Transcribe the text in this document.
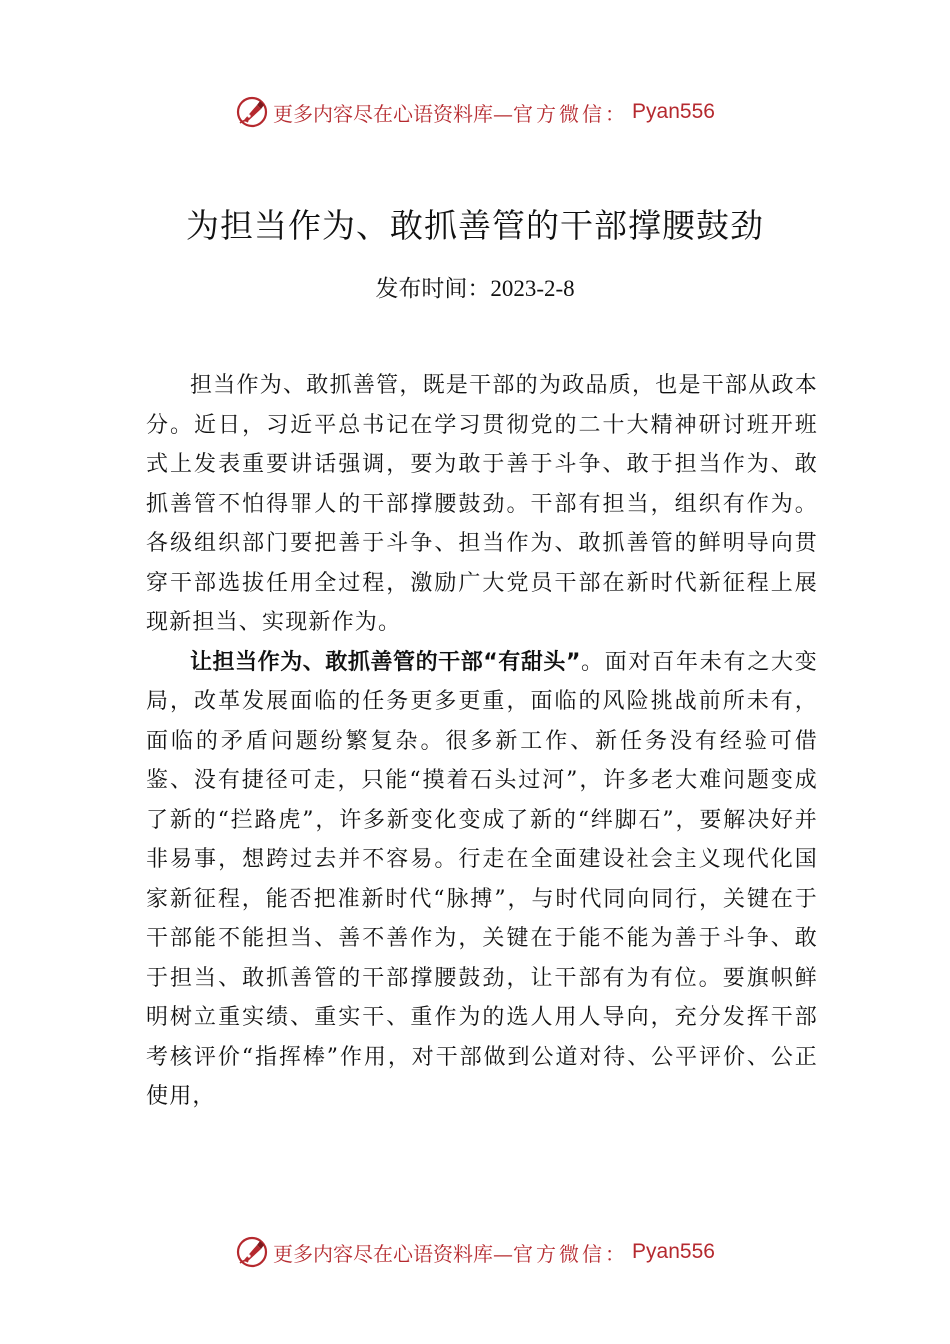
更多内容尽在心语资料库— 官方微信： Pyan556
为担当作为、敢抓善管的干部撑腰鼓劲
发布时间：2023-2-8

担当作为、敢抓善管，既是干部的为政品质，也是干部从政本分。近日，习近平总书记在学习贯彻党的二十大精神研讨班开班式上发表重要讲话强调，要为敢于善于斗争、敢于担当作为、敢抓善管不怕得罪人的干部撑腰鼓劲。干部有担当，组织有作为。各级组织部门要把善于斗争、担当作为、敢抓善管的鲜明导向贯穿干部选拔任用全过程，激励广大党员干部在新时代新征程上展现新担当、实现新作为。

让担当作为、敢抓善管的干部“有甜头”。面对百年未有之大变局，改革发展面临的任务更多更重，面临的风险挑战前所未有，面临的矛盾问题纷繁复杂。很多新工作、新任务没有经验可借鉴、没有捷径可走，只能“摸着石头过河”，许多老大难问题变成了新的“拦路虎”，许多新变化变成了新的“绊脚石”，要解决好并非易事，想跨过去并不容易。行走在全面建设社会主义现代化国家新征程，能否把准新时代“脉搏”，与时代同向同行，关键在于干部能不能担当、善不善作为，关键在于能不能为善于斗争、敢于担当、敢抓善管的干部撑腰鼓劲，让干部有为有位。要旗帜鲜明树立重实绩、重实干、重作为的选人用人导向，充分发挥干部考核评价“指挥棒”作用，对干部做到公道对待、公平评价、公正使用，

更多内容尽在心语资料库— 官方微信： Pyan556
